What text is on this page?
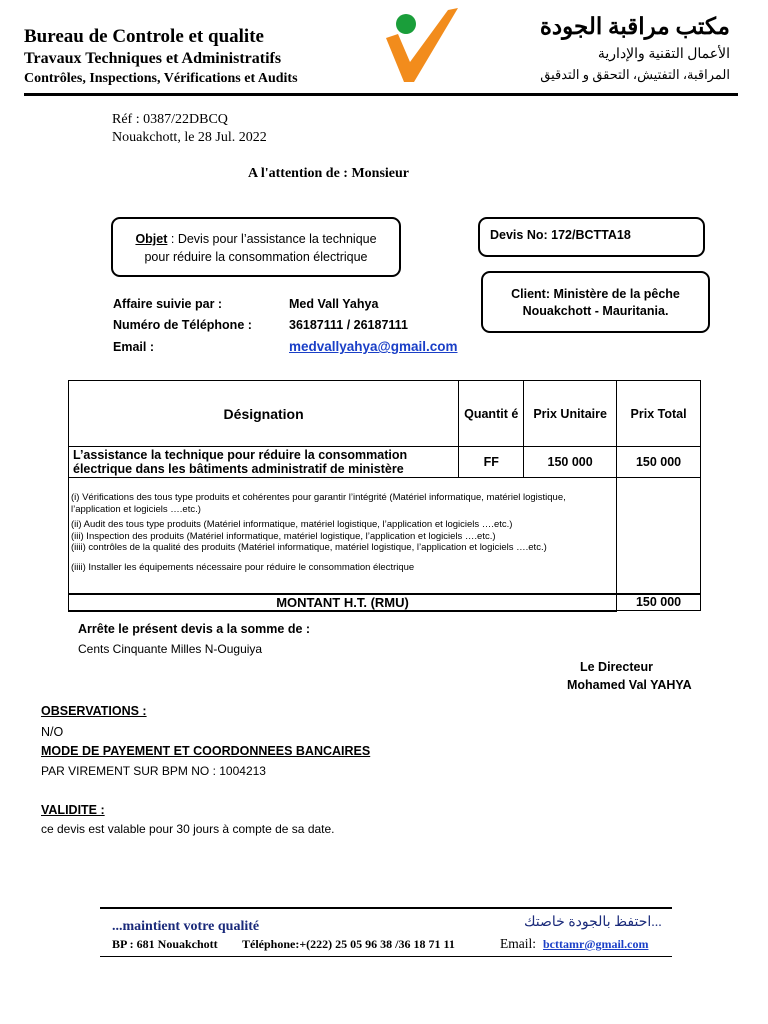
Bureau de Controle et qualite
Travaux Techniques et Administratifs
Contrôles, Inspections, Vérifications et Audits
مكتب مراقبة الجودة
الأعمال التقنية والإدارية
المراقبة، التفتيش، التحقق و التدقيق
Réf : 0387/22DBCQ
Nouakchott, le 28 Jul. 2022
A l'attention de : Monsieur
Objet : Devis pour l’assistance la technique
pour réduire la consommation électrique
Devis No: 172/BCTTA18
Client: Ministère de la pêche
Nouakchott - Mauritania.
Affaire suivie par :	Med Vall Yahya
Numéro de Téléphone :	36187111 / 26187111
Email :	medvallyahya@gmail.com
Désignation	Quantit é	Prix Unitaire	Prix Total
L’assistance la technique pour réduire la consommation électrique dans les bâtiments administratif de ministère	FF	150 000	150 000

(i) Vérifications des tous type produits et cohérentes pour garantir l’intégrité (Matériel informatique, matériel logistique, l’application et logiciels ….etc.)
(ii) Audit des tous type produits (Matériel informatique, matériel logistique, l’application et logiciels ….etc.)
(iii) Inspection des produits (Matériel informatique, matériel logistique, l’application et logiciels ….etc.)
(iiii) contrôles de la qualité des produits (Matériel informatique, matériel logistique, l’application et logiciels ….etc.)
(iiii) Installer les équipements nécessaire pour réduire le consommation électrique			

MONTANT H.T. (RMU)			150 000
Arrête le présent devis a la somme de :
Cents Cinquante Milles N-Ouguiya
Le Directeur
Mohamed Val YAHYA
OBSERVATIONS :
N/O
MODE DE PAYEMENT ET COORDONNEES BANCAIRES
PAR VIREMENT SUR BPM NO : 1004213
VALIDITE :
ce devis est valable pour 30 jours à compte de sa date.
...maintient votre qualité	...احتفظ بالجودة خاصتك
BP : 681 Nouakchott Téléphone:+(222) 25 05 96 38 /36 18 71 11	Email: bcttamr@gmail.com
